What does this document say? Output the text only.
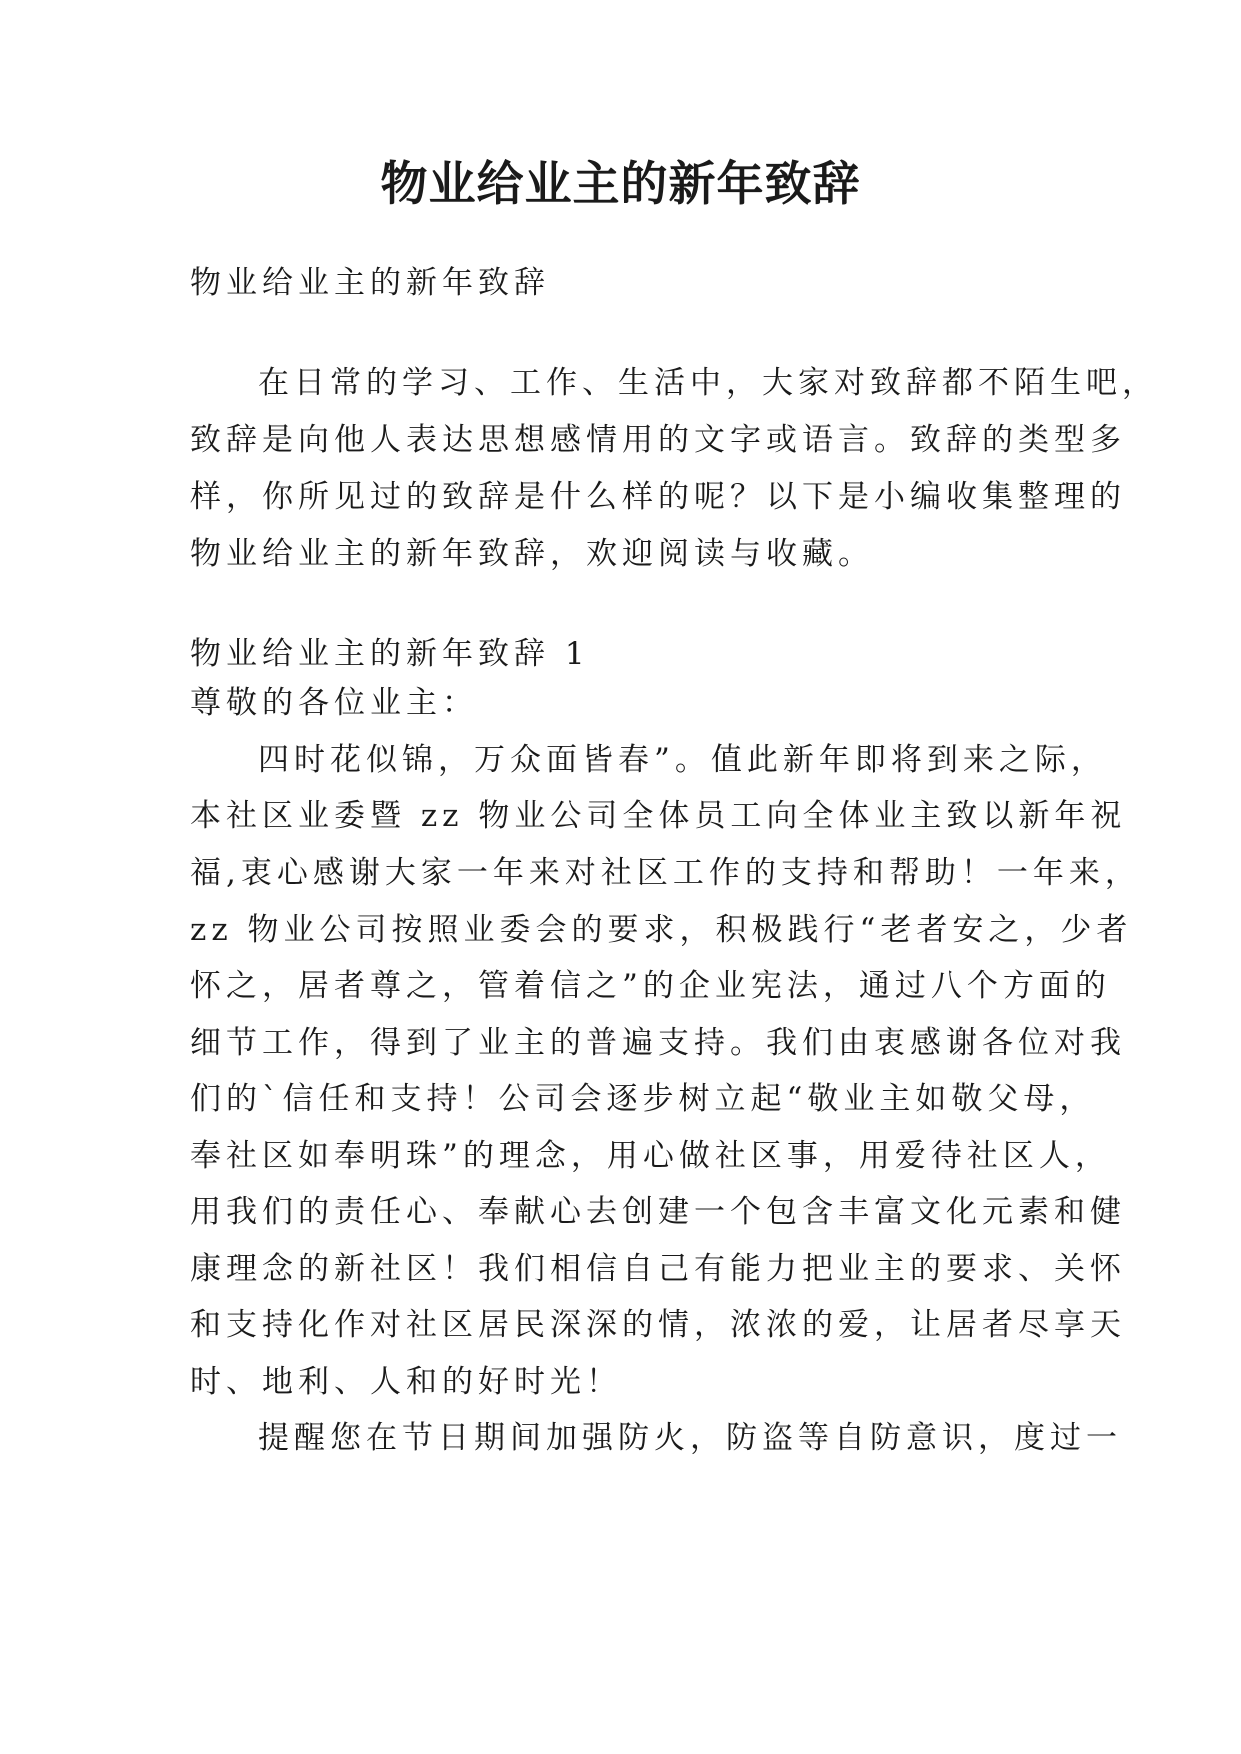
物业给业主的新年致辞
物业给业主的新年致辞
在日常的学习、工作、生活中，大家对致辞都不陌生吧，
致辞是向他人表达思想感情用的文字或语言。致辞的类型多
样，你所见过的致辞是什么样的呢？以下是小编收集整理的
物业给业主的新年致辞，欢迎阅读与收藏。
物业给业主的新年致辞 1
尊敬的各位业主：
四时花似锦，万众面皆春”。值此新年即将到来之际，
本社区业委暨 zz 物业公司全体员工向全体业主致以新年祝
福,衷心感谢大家一年来对社区工作的支持和帮助！一年来，
zz 物业公司按照业委会的要求，积极践行“老者安之，少者
怀之，居者尊之，管着信之”的企业宪法，通过八个方面的
细节工作，得到了业主的普遍支持。我们由衷感谢各位对我
们的`信任和支持！公司会逐步树立起“敬业主如敬父母，
奉社区如奉明珠”的理念，用心做社区事，用爱待社区人，
用我们的责任心、奉献心去创建一个包含丰富文化元素和健
康理念的新社区！我们相信自己有能力把业主的要求、关怀
和支持化作对社区居民深深的情，浓浓的爱，让居者尽享天
时、地利、人和的好时光！
提醒您在节日期间加强防火，防盗等自防意识，度过一
